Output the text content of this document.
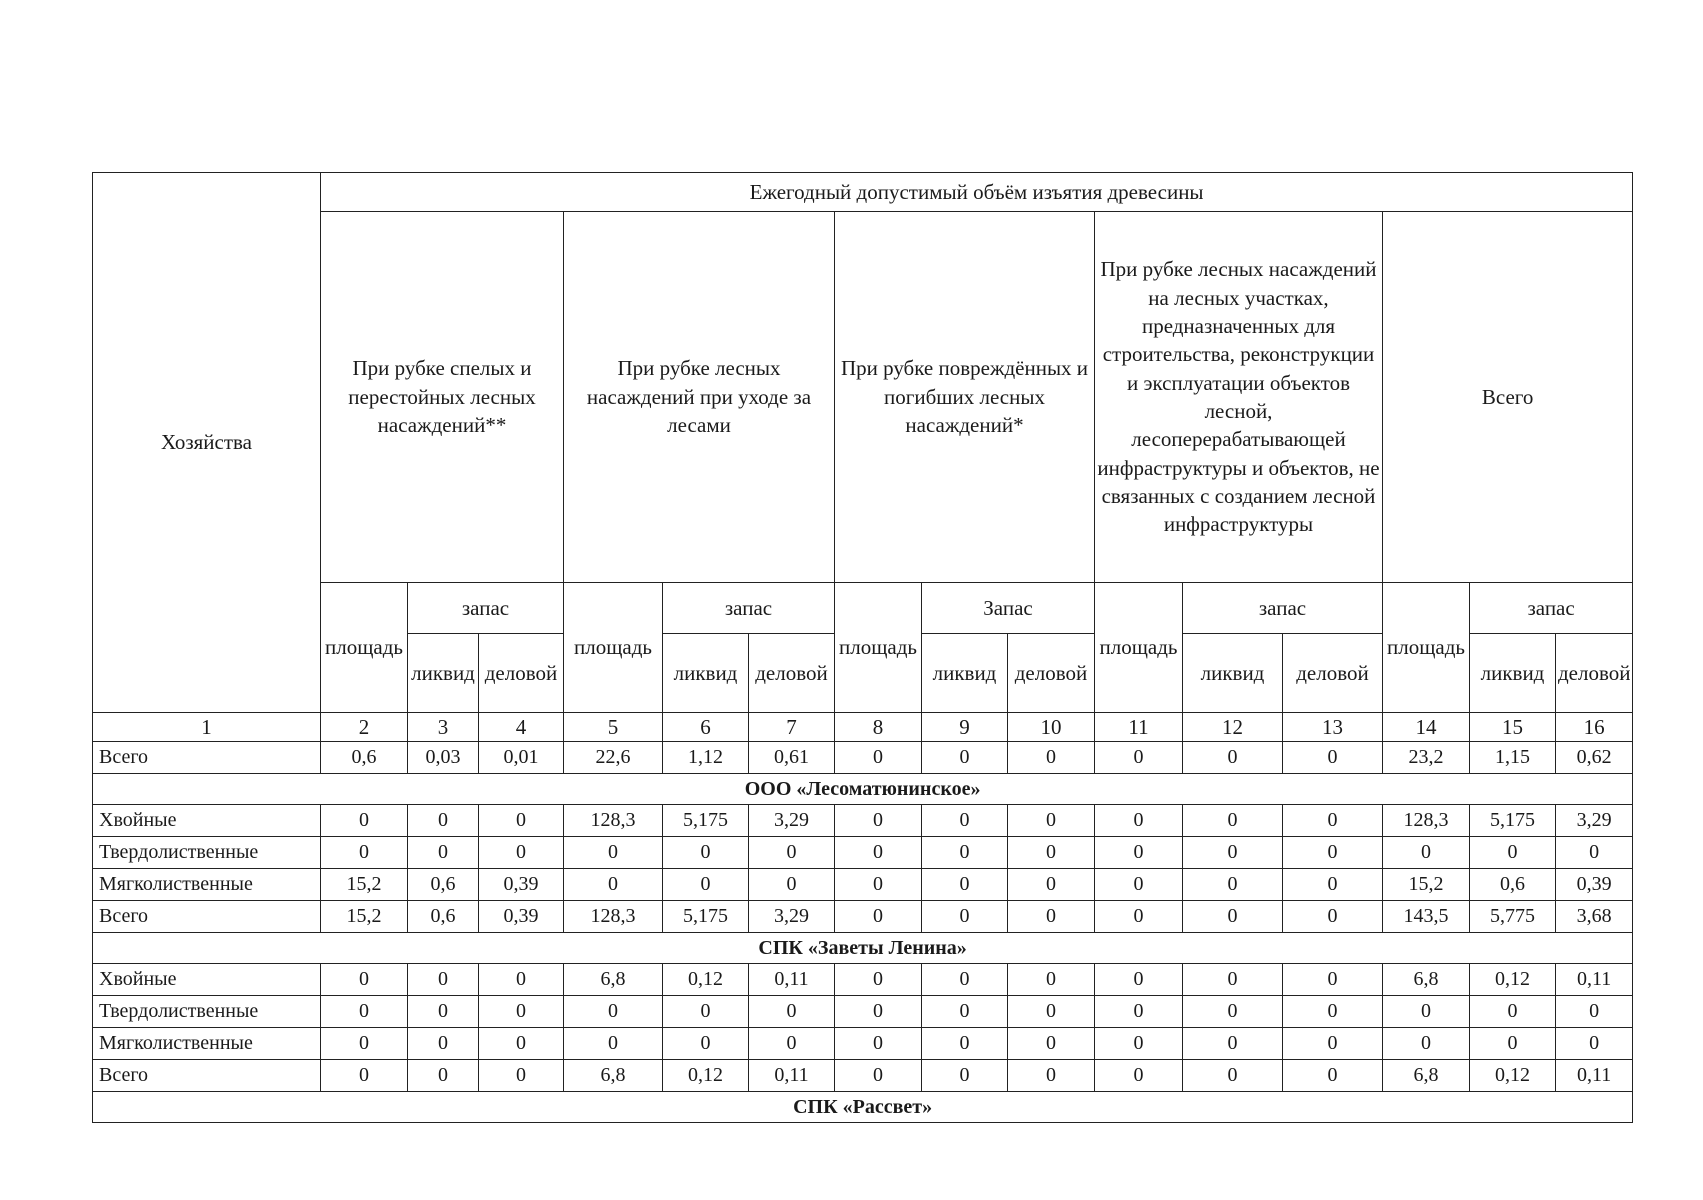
Хозяйства	Ежегодный допустимый объём изъятия древесины														
	При рубке спелых и перестойных лесных насаждений**			При рубке лесных насаждений при уходе за лесами			При рубке повреждённых и погибших лесных насаждений*			При рубке лесных насаждений на лесных участках, предназначенных для строительства, реконструкции и эксплуатации объектов лесной, лесоперерабатывающей инфраструктуры и объектов, не связанных с созданием лесной инфраструктуры			Всего		
	площадь	запас		площадь	запас		площадь	Запас		площадь	запас		площадь	запас	
		ликвид	деловой		ликвид	деловой		ликвид	деловой		ликвид	деловой		ликвид	деловой
1	2	3	4	5	6	7	8	9	10	11	12	13	14	15	16
Всего	0,6	0,03	0,01	22,6	1,12	0,61	0	0	0	0	0	0	23,2	1,15	0,62
ООО «Лесоматюнинское»															
Хвойные	0	0	0	128,3	5,175	3,29	0	0	0	0	0	0	128,3	5,175	3,29
Твердолиственные	0	0	0	0	0	0	0	0	0	0	0	0	0	0	0
Мягколиственные	15,2	0,6	0,39	0	0	0	0	0	0	0	0	0	15,2	0,6	0,39
Всего	15,2	0,6	0,39	128,3	5,175	3,29	0	0	0	0	0	0	143,5	5,775	3,68
СПК «Заветы Ленина»															
Хвойные	0	0	0	6,8	0,12	0,11	0	0	0	0	0	0	6,8	0,12	0,11
Твердолиственные	0	0	0	0	0	0	0	0	0	0	0	0	0	0	0
Мягколиственные	0	0	0	0	0	0	0	0	0	0	0	0	0	0	0
Всего	0	0	0	6,8	0,12	0,11	0	0	0	0	0	0	6,8	0,12	0,11
СПК «Рассвет»															
